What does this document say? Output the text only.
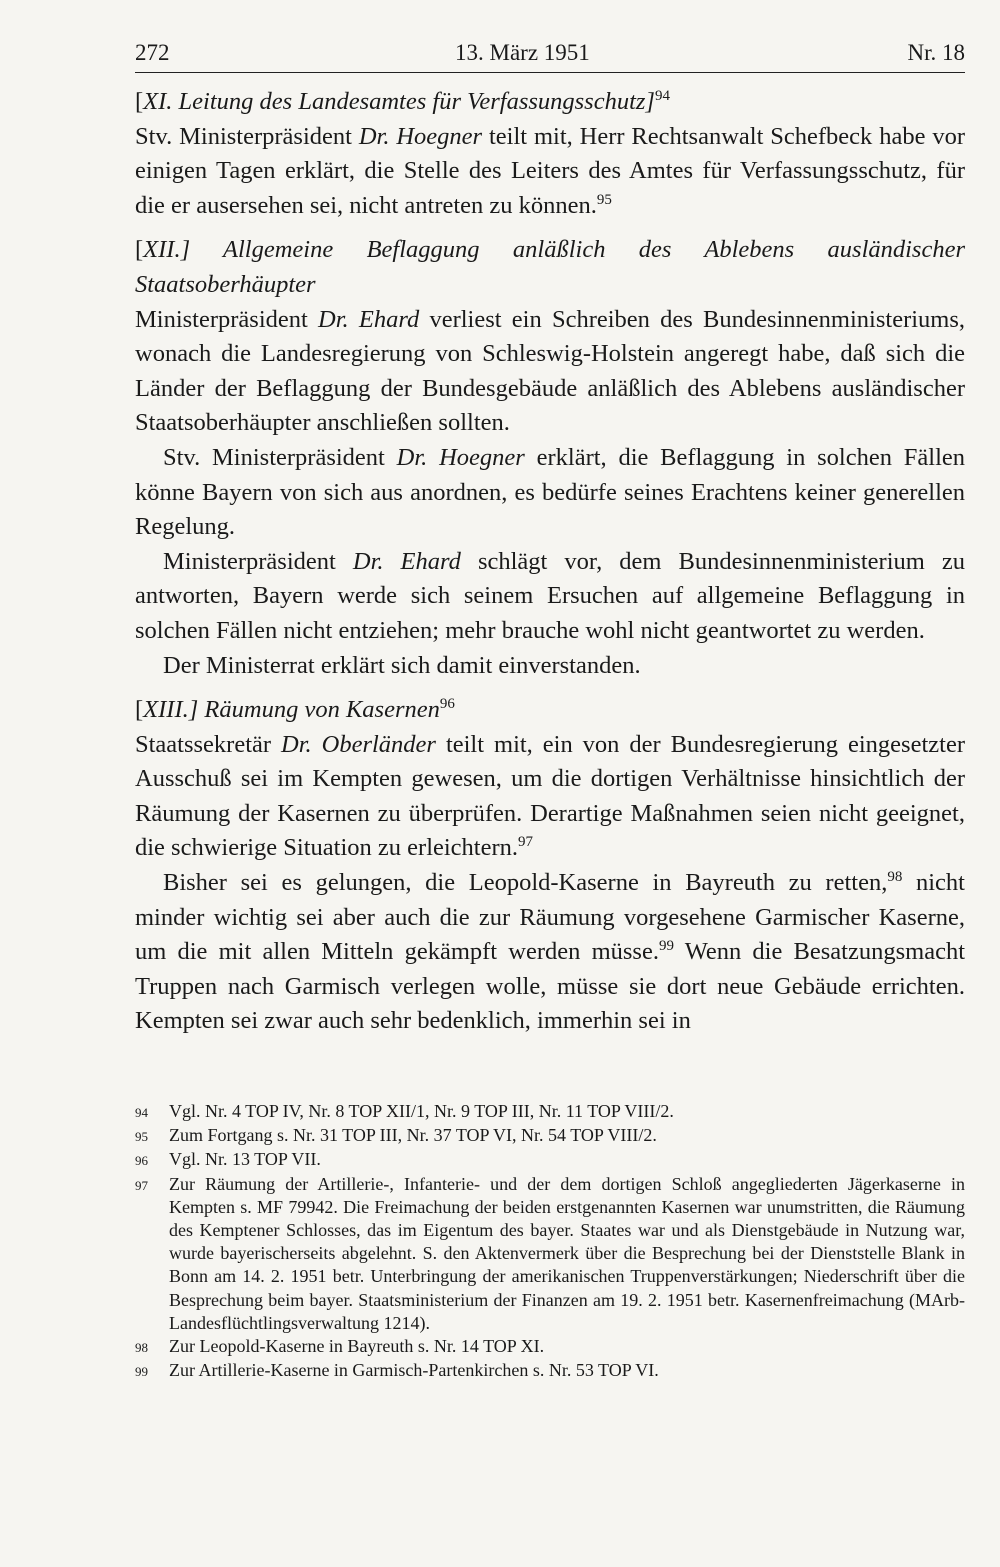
272	13. März 1951	Nr. 18

[XI. Leitung des Landesamtes für Verfassungsschutz]$^{94}$

Stv. Ministerpräsident Dr. Hoegner teilt mit, Herr Rechtsanwalt Schefbeck habe vor einigen Tagen erklärt, die Stelle des Leiters des Amtes für Verfassungsschutz, für die er ausersehen sei, nicht antreten zu können.$^{95}$

[XII.] Allgemeine Beflaggung anläßlich des Ablebens ausländischer Staatsoberhäupter

Ministerpräsident Dr. Ehard verliest ein Schreiben des Bundesinnenministeriums, wonach die Landesregierung von Schleswig-Holstein angeregt habe, daß sich die Länder der Beflaggung der Bundesgebäude anläßlich des Ablebens ausländischer Staatsoberhäupter anschließen sollten.

Stv. Ministerpräsident Dr. Hoegner erklärt, die Beflaggung in solchen Fällen könne Bayern von sich aus anordnen, es bedürfe seines Erachtens keiner generellen Regelung.

Ministerpräsident Dr. Ehard schlägt vor, dem Bundesinnenministerium zu antworten, Bayern werde sich seinem Ersuchen auf allgemeine Beflaggung in solchen Fällen nicht entziehen; mehr brauche wohl nicht geantwortet zu werden.

Der Ministerrat erklärt sich damit einverstanden.

[XIII.] Räumung von Kasernen$^{96}$

Staatssekretär Dr. Oberländer teilt mit, ein von der Bundesregierung eingesetzter Ausschuß sei im Kempten gewesen, um die dortigen Verhältnisse hinsichtlich der Räumung der Kasernen zu überprüfen. Derartige Maßnahmen seien nicht geeignet, die schwierige Situation zu erleichtern.$^{97}$

Bisher sei es gelungen, die Leopold-Kaserne in Bayreuth zu retten,$^{98}$ nicht minder wichtig sei aber auch die zur Räumung vorgesehene Garmischer Kaserne, um die mit allen Mitteln gekämpft werden müsse.$^{99}$ Wenn die Besatzungsmacht Truppen nach Garmisch verlegen wolle, müsse sie dort neue Gebäude errichten. Kempten sei zwar auch sehr bedenklich, immerhin sei in

94	Vgl. Nr. 4 TOP IV, Nr. 8 TOP XII/1, Nr. 9 TOP III, Nr. 11 TOP VIII/2.
95	Zum Fortgang s. Nr. 31 TOP III, Nr. 37 TOP VI, Nr. 54 TOP VIII/2.
96	Vgl. Nr. 13 TOP VII.
97	Zur Räumung der Artillerie-, Infanterie- und der dem dortigen Schloß angegliederten Jägerkaserne in Kempten s. MF 79942. Die Freimachung der beiden erstgenannten Kasernen war unumstritten, die Räumung des Kemptener Schlosses, das im Eigentum des bayer. Staates war und als Dienstgebäude in Nutzung war, wurde bayerischerseits abgelehnt. S. den Aktenvermerk über die Besprechung bei der Dienststelle Blank in Bonn am 14. 2. 1951 betr. Unterbringung der amerikanischen Truppenverstärkungen; Niederschrift über die Besprechung beim bayer. Staatsministerium der Finanzen am 19. 2. 1951 betr. Kasernenfreimachung (MArb-Landesflüchtlingsverwaltung 1214).
98	Zur Leopold-Kaserne in Bayreuth s. Nr. 14 TOP XI.
99	Zur Artillerie-Kaserne in Garmisch-Partenkirchen s. Nr. 53 TOP VI.
